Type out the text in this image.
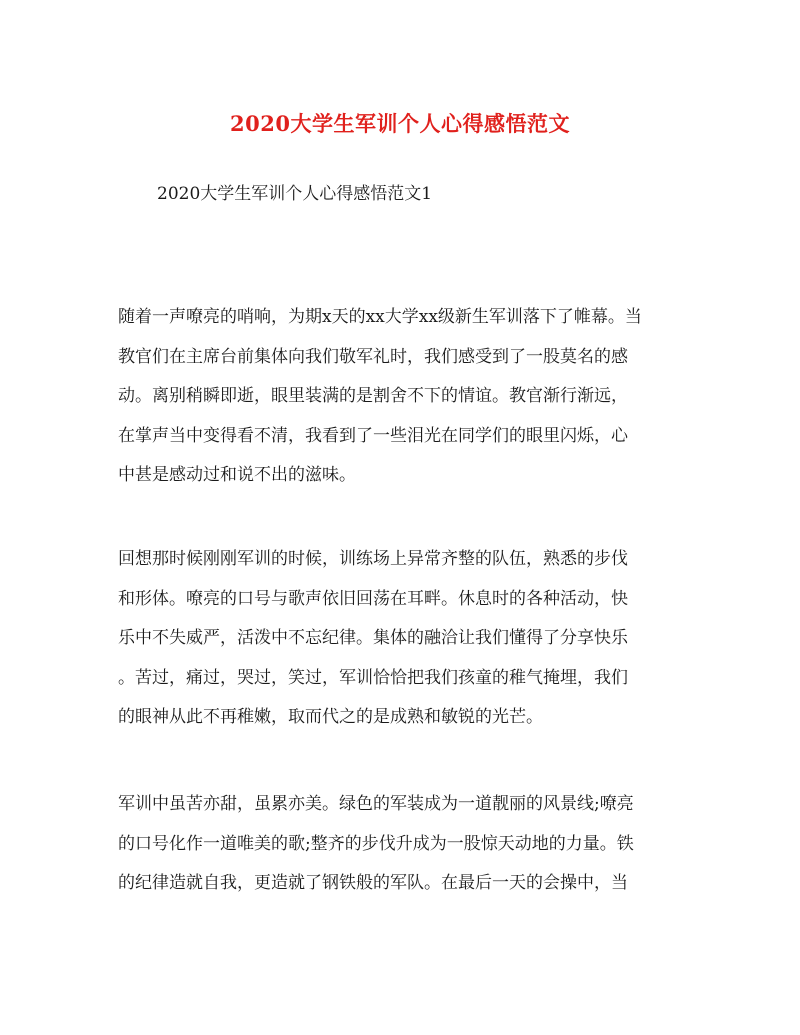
2020大学生军训个人心得感悟范文

2020大学生军训个人心得感悟范文1

随着一声嘹亮的哨响，为期x天的xx大学xx级新生军训落下了帷幕。当
教官们在主席台前集体向我们敬军礼时，我们感受到了一股莫名的感
动。离别稍瞬即逝，眼里装满的是割舍不下的情谊。教官渐行渐远，
在掌声当中变得看不清，我看到了一些泪光在同学们的眼里闪烁，心
中甚是感动过和说不出的滋味。
回想那时候刚刚军训的时候，训练场上异常齐整的队伍，熟悉的步伐
和形体。嘹亮的口号与歌声依旧回荡在耳畔。休息时的各种活动，快
乐中不失威严，活泼中不忘纪律。集体的融洽让我们懂得了分享快乐
。苦过，痛过，哭过，笑过，军训恰恰把我们孩童的稚气掩埋，我们
的眼神从此不再稚嫩，取而代之的是成熟和敏锐的光芒。
军训中虽苦亦甜，虽累亦美。绿色的军装成为一道靓丽的风景线;嘹亮
的口号化作一道唯美的歌;整齐的步伐升成为一股惊天动地的力量。铁
的纪律造就自我，更造就了钢铁般的军队。在最后一天的会操中，当
